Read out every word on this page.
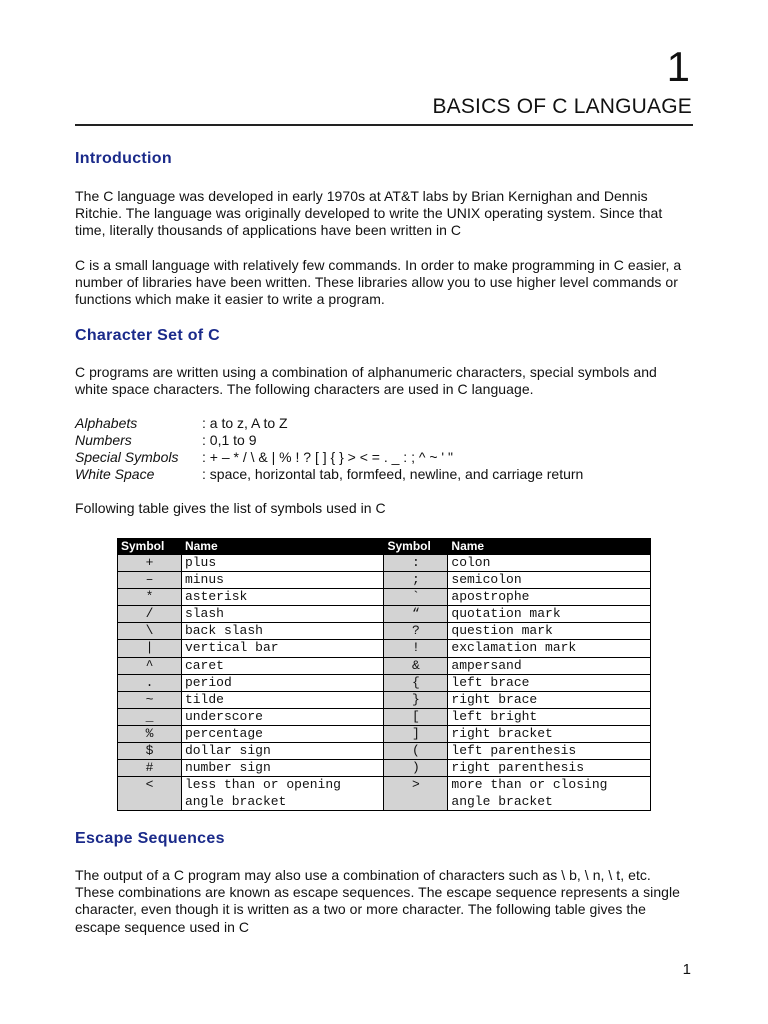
1
BASICS OF C LANGUAGE
Introduction

The C language was developed in early 1970s at AT&T labs by Brian Kernighan and Dennis Ritchie. The language was originally developed to write the UNIX operating system. Since that time, literally thousands of applications have been written in C

C is a small language with relatively few commands. In order to make programming in C easier, a number of libraries have been written. These libraries allow you to use higher level commands or functions which make it easier to write a program.

Character Set of C

C programs are written using a combination of alphanumeric characters, special symbols and white space characters. The following characters are used in C language.

Alphabets	: a to z, A to Z
Numbers	: 0,1 to 9
Special Symbols	: + – * / \ & | % ! ? [ ] { } > < = . _ : ; ^ ~ ' "
White Space	: space, horizontal tab, formfeed, newline, and carriage return

Following table gives the list of symbols used in C

Symbol	Name	Symbol	Name
+	plus	:	colon
–	minus	;	semicolon
*	asterisk	`	apostrophe
/	slash	“	quotation mark
\	back slash	?	question mark
|	vertical bar	!	exclamation mark
^	caret	&	ampersand
.	period	{	left brace
~	tilde	}	right brace
_	underscore	[	left bright
%	percentage	]	right bracket
$	dollar sign	(	left parenthesis
#	number sign	)	right parenthesis
<	less than or opening angle bracket	>	more than or closing angle bracket
Escape Sequences

The output of a C program may also use a combination of characters such as \ b, \ n, \ t, etc. These combinations are known as escape sequences. The escape sequence represents a single character, even though it is written as a two or more character. The following table gives the escape sequence used in C

1
